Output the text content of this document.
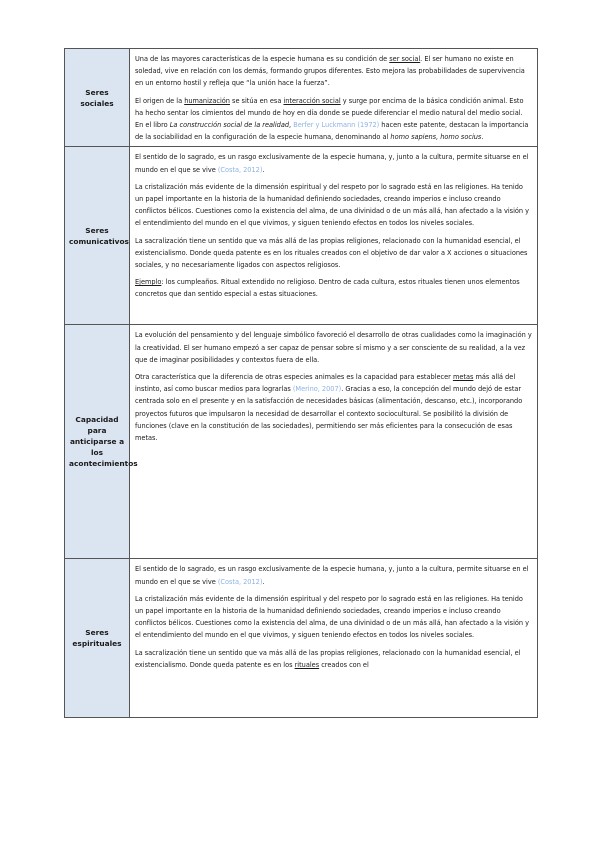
Seres sociales	Una de las mayores características de la especie humana es su condición de ser social. El ser humano no existe en soledad, vive en relación con los demás, formando grupos diferentes. Esto mejora las probabilidades de supervivencia en un entorno hostil y refleja que “la unión hace la fuerza”.

El origen de la humanización se sitúa en esa interacción social y surge por encima de la básica condición animal. Esto ha hecho sentar los cimientos del mundo de hoy en día donde se puede diferenciar el medio natural del medio social. En el libro La construcción social de la realidad, Berfer y Luckmann (1972) hacen este patente, destacan la importancia de la sociabilidad en la configuración de la especie humana, denominando al homo sapiens, homo socius.

Seres comunicativos	El sentido de lo sagrado, es un rasgo exclusivamente de la especie humana, y, junto a la cultura, permite situarse en el mundo en el que se vive (Costa, 2012).

La cristalización más evidente de la dimensión espiritual y del respeto por lo sagrado está en las religiones. Ha tenido un papel importante en la historia de la humanidad definiendo sociedades, creando imperios e incluso creando conflictos bélicos. Cuestiones como la existencia del alma, de una divinidad o de un más allá, han afectado a la visión y el entendimiento del mundo en el que vivimos, y siguen teniendo efectos en todos los niveles sociales.

La sacralización tiene un sentido que va más allá de las propias religiones, relacionado con la humanidad esencial, el existencialismo. Donde queda patente es en los rituales creados con el objetivo de dar valor a X acciones o situaciones sociales, y no necesariamente ligados con aspectos religiosos.

Ejemplo: los cumpleaños. Ritual extendido no religioso. Dentro de cada cultura, estos rituales tienen unos elementos concretos que dan sentido especial a estas situaciones.

Capacidad para anticiparse a los acontecimientos	La evolución del pensamiento y del lenguaje simbólico favoreció el desarrollo de otras cualidades como la imaginación y la creatividad. El ser humano empezó a ser capaz de pensar sobre sí mismo y a ser consciente de su realidad, a la vez que de imaginar posibilidades y contextos fuera de ella.

Otra característica que la diferencia de otras especies animales es la capacidad para establecer metas más allá del instinto, así como buscar medios para lograrlas (Merino, 2007). Gracias a eso, la concepción del mundo dejó de estar centrada solo en el presente y en la satisfacción de necesidades básicas (alimentación, descanso, etc.), incorporando proyectos futuros que impulsaron la necesidad de desarrollar el contexto sociocultural. Se posibilitó la división de funciones (clave en la constitución de las sociedades), permitiendo ser más eficientes para la consecución de esas metas.

Seres espirituales	El sentido de lo sagrado, es un rasgo exclusivamente de la especie humana, y, junto a la cultura, permite situarse en el mundo en el que se vive (Costa, 2012).

La cristalización más evidente de la dimensión espiritual y del respeto por lo sagrado está en las religiones. Ha tenido un papel importante en la historia de la humanidad definiendo sociedades, creando imperios e incluso creando conflictos bélicos. Cuestiones como la existencia del alma, de una divinidad o de un más allá, han afectado a la visión y el entendimiento del mundo en el que vivimos, y siguen teniendo efectos en todos los niveles sociales.

La sacralización tiene un sentido que va más allá de las propias religiones, relacionado con la humanidad esencial, el existencialismo. Donde queda patente es en los rituales creados con el
